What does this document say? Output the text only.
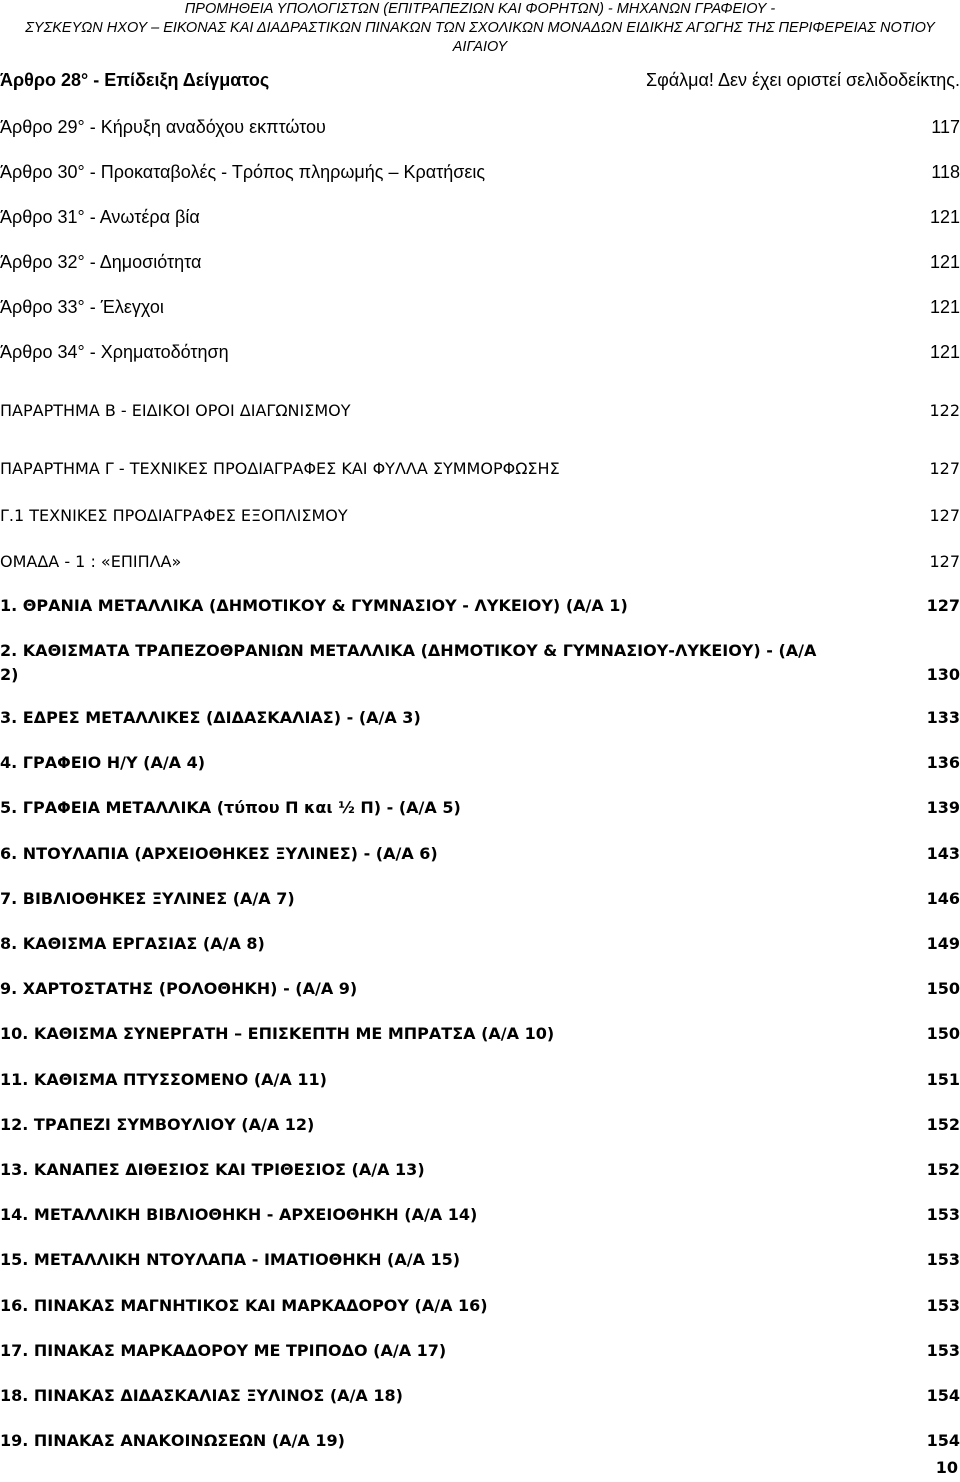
ΠΡΟΜΗΘΕΙΑ ΥΠΟΛΟΓΙΣΤΩΝ (ΕΠΙΤΡΑΠΕΖΙΩΝ ΚΑΙ ΦΟΡΗΤΩΝ) - ΜΗΧΑΝΩΝ ΓΡΑΦΕΙΟΥ -
ΣΥΣΚΕΥΩΝ ΗΧΟΥ – ΕΙΚΟΝΑΣ ΚΑΙ ΔΙΑΔΡΑΣΤΙΚΩΝ ΠΙΝΑΚΩΝ ΤΩΝ ΣΧΟΛΙΚΩΝ ΜΟΝΑΔΩΝ ΕΙΔΙΚΗΣ ΑΓΩΓΗΣ ΤΗΣ ΠΕΡΙΦΕΡΕΙΑΣ ΝΟΤΙΟΥ
ΑΙΓΑΙΟΥ
Άρθρο 28° - Επίδειξη Δείγματος	Σφάλμα! Δεν έχει οριστεί σελιδοδείκτης.
Άρθρο 29° - Κήρυξη αναδόχου εκπτώτου	117
Άρθρο 30° - Προκαταβολές - Τρόπος πληρωμής – Κρατήσεις	118
Άρθρο 31° - Ανωτέρα βία	121
Άρθρο 32° - Δημοσιότητα	121
Άρθρο 33° - Έλεγχοι	121
Άρθρο 34° - Χρηματοδότηση	121
ΠΑΡΑΡΤΗΜΑ Β - ΕΙΔΙΚΟΙ ΟΡΟΙ ΔΙΑΓΩΝΙΣΜΟΥ	122
ΠΑΡΑΡΤΗΜΑ Γ - ΤΕΧΝΙΚΕΣ ΠΡΟΔΙΑΓΡΑΦΕΣ ΚΑΙ ΦΥΛΛΑ ΣΥΜΜΟΡΦΩΣΗΣ	127
Γ.1 ΤΕΧΝΙΚΕΣ ΠΡΟΔΙΑΓΡΑΦΕΣ ΕΞΟΠΛΙΣΜΟΥ	127
ΟΜΑΔΑ - 1 : «ΕΠΙΠΛΑ»	127
1. ΘΡΑΝΙΑ ΜΕΤΑΛΛΙΚΑ (ΔΗΜΟΤΙΚΟΥ & ΓΥΜΝΑΣΙΟΥ - ΛΥΚΕΙΟΥ) (Α/Α 1)	127
2. ΚΑΘΙΣΜΑΤΑ ΤΡΑΠΕΖΟΘΡΑΝΙΩΝ ΜΕΤΑΛΛΙΚΑ (ΔΗΜΟΤΙΚΟΥ & ΓΥΜΝΑΣΙΟΥ-ΛΥΚΕΙΟΥ) - (Α/Α
2)	130
3. ΕΔΡΕΣ ΜΕΤΑΛΛΙΚΕΣ (ΔΙΔΑΣΚΑΛΙΑΣ) - (Α/Α 3)	133
4. ΓΡΑΦΕΙΟ Η/Υ (Α/Α 4)	136
5. ΓΡΑΦΕΙΑ ΜΕΤΑΛΛΙΚΑ (τύπου Π και ½ Π) - (Α/Α 5)	139
6. ΝΤΟΥΛΑΠΙΑ (ΑΡΧΕΙΟΘΗΚΕΣ ΞΥΛΙΝΕΣ) - (Α/Α 6)	143
7. ΒΙΒΛΙΟΘΗΚΕΣ ΞΥΛΙΝΕΣ (Α/Α 7)	146
8. ΚΑΘΙΣΜΑ ΕΡΓΑΣΙΑΣ (Α/Α 8)	149
9. ΧΑΡΤΟΣΤΑΤΗΣ (ΡΟΛΟΘΗΚΗ) - (Α/Α 9)	150
10. ΚΑΘΙΣΜΑ ΣΥΝΕΡΓΑΤΗ – ΕΠΙΣΚΕΠΤΗ ΜΕ ΜΠΡΑΤΣΑ (Α/Α 10)	150
11. ΚΑΘΙΣΜΑ ΠΤΥΣΣΟΜΕΝΟ (Α/Α 11)	151
12. ΤΡΑΠΕΖΙ ΣΥΜΒΟΥΛΙΟΥ (Α/Α 12)	152
13. ΚΑΝΑΠΕΣ ΔΙΘΕΣΙΟΣ ΚΑΙ ΤΡΙΘΕΣΙΟΣ (Α/Α 13)	152
14. ΜΕΤΑΛΛΙΚΗ ΒΙΒΛΙΟΘΗΚΗ - ΑΡΧΕΙΟΘΗΚΗ (Α/Α 14)	153
15. ΜΕΤΑΛΛΙΚΗ ΝΤΟΥΛΑΠΑ - ΙΜΑΤΙΟΘΗΚΗ (Α/Α 15)	153
16. ΠΙΝΑΚΑΣ ΜΑΓΝΗΤΙΚΟΣ ΚΑΙ ΜΑΡΚΑΔΟΡΟΥ (Α/Α 16)	153
17. ΠΙΝΑΚΑΣ ΜΑΡΚΑΔΟΡΟΥ ΜΕ ΤΡΙΠΟΔΟ (Α/Α 17)	153
18. ΠΙΝΑΚΑΣ ΔΙΔΑΣΚΑΛΙΑΣ ΞΥΛΙΝΟΣ (Α/Α 18)	154
19. ΠΙΝΑΚΑΣ ΑΝΑΚΟΙΝΩΣΕΩΝ (Α/Α 19)	154
10
